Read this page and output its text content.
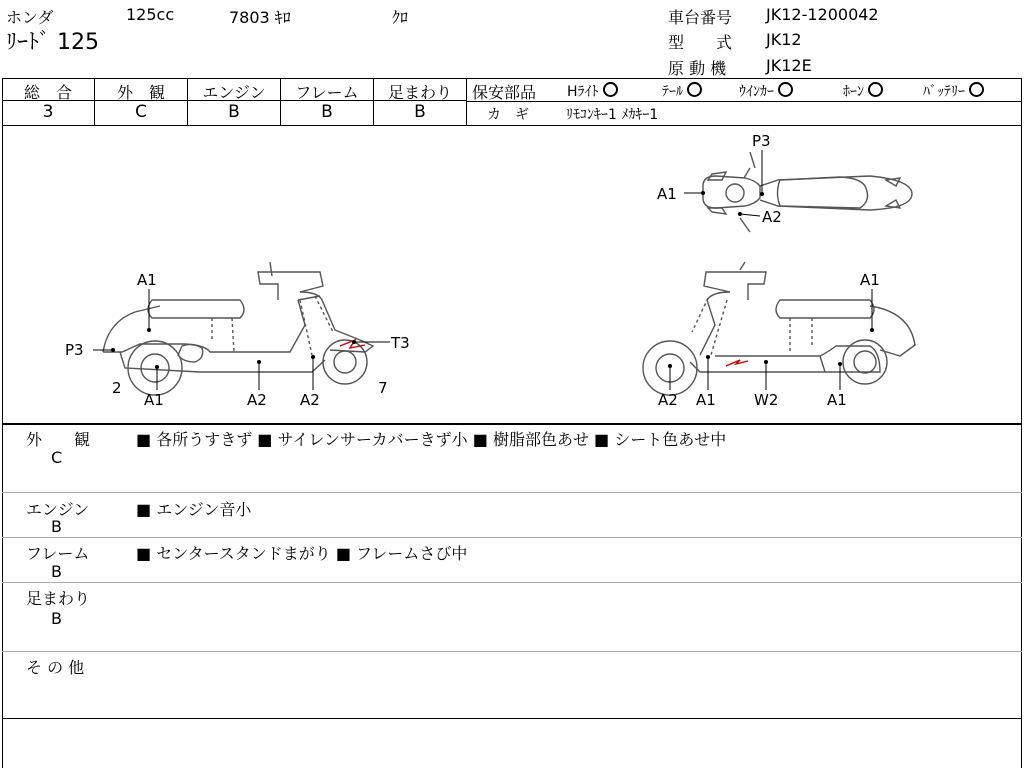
ホンダ	125cc	7803 ｷﾛ	ｸﾛ
ﾘｰﾄﾞ 125
車台番号 JK12-1200042
型　　式 JK12
原 動 機 JK12E
総　合
3
外　観
C
エンジン
B
フレーム
B
足まわり
B
保安部品 Hﾗｲﾄ	ﾃｰﾙ	ｳｲﾝｶｰ	ﾎｰﾝ	ﾊﾞｯﾃﾘｰ
カ　ギ	ﾘﾓｺﾝｷｰ1 ﾒｶｷｰ1
A1
P3	T3
2
A1	A2 A2
7
P3
A1
A2
A1
A2 A1	W2	A1
外　　観
C
■ 各所うすきず ■ サイレンサーカバーきず小 ■ 樹脂部色あせ ■ シート色あせ中
エンジン
B
■ エンジン音小
フレーム
B
■ センタースタンドまがり ■ フレームさび中
足まわり
B
そ の 他
